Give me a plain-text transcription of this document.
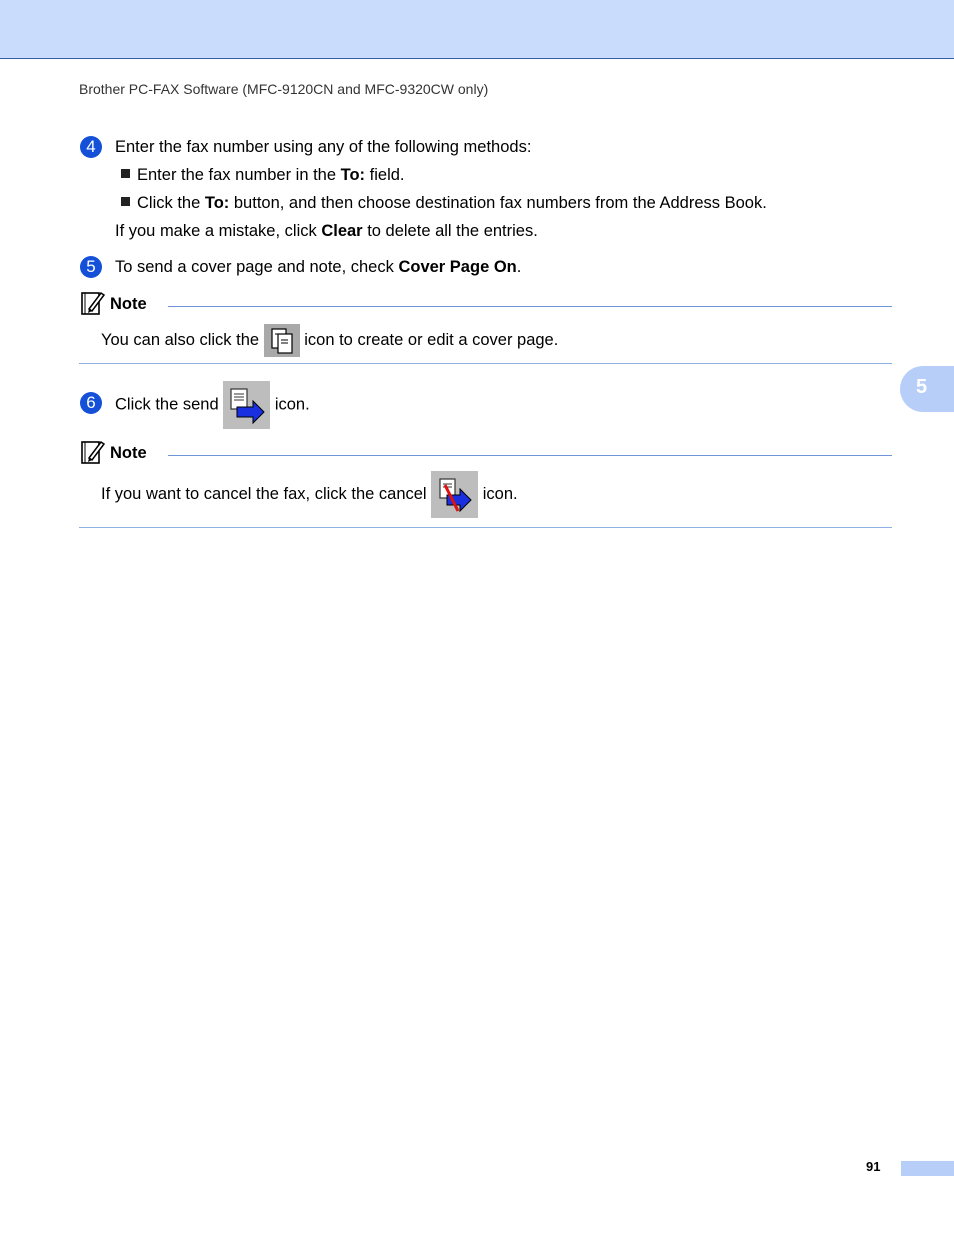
Brother PC-FAX Software (MFC-9120CN and MFC-9320CW only)
4	Enter the fax number using any of the following methods:
Enter the fax number in the To: field.
Click the To: button, and then choose destination fax numbers from the Address Book.
If you make a mistake, click Clear to delete all the entries.
5	To send a cover page and note, check Cover Page On.
Note
You can also click the
icon to create or edit a cover page.
6	Click the send	icon.
Note
If you want to cancel the fax, click the cancel	icon.
5
91
